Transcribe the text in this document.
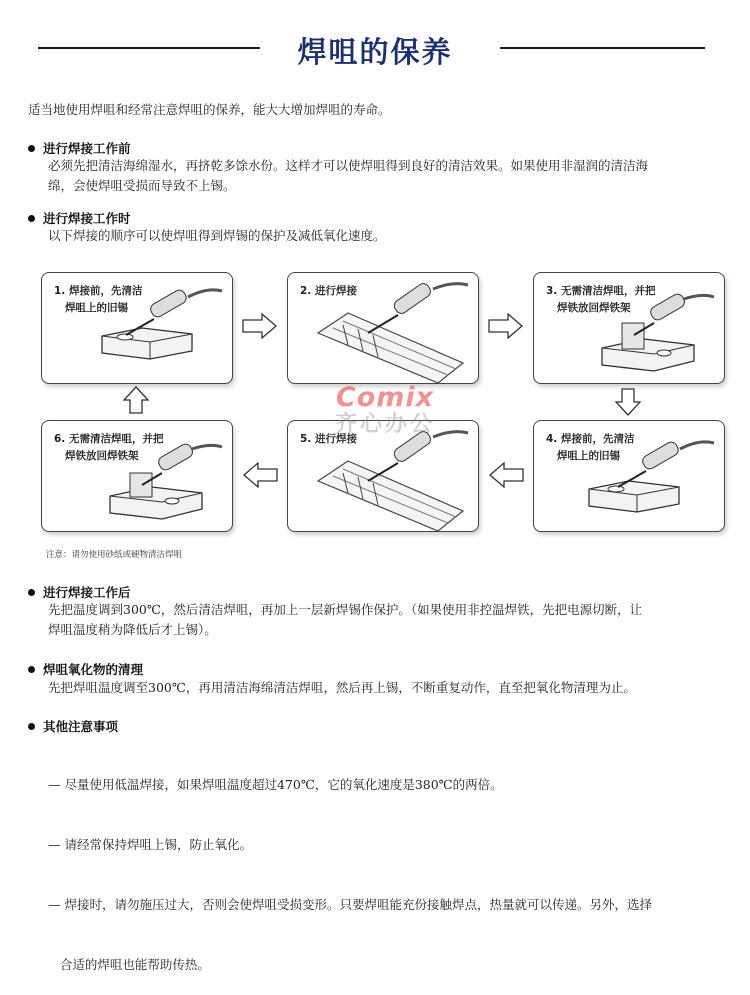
焊咀的保养
适当地使用焊咀和经常注意焊咀的保养，能大大增加焊咀的寿命。
进行焊接工作前
必须先把清洁海绵湿水，再挤乾多馀水份。这样才可以使焊咀得到良好的清洁效果。如果使用非湿润的清洁海
绵，会使焊咀受损而导致不上锡。
进行焊接工作时
以下焊接的顺序可以使焊咀得到焊锡的保护及减低氧化速度。
1. 焊接前，先清洁
焊咀上的旧锡
2. 进行焊接	3. 无需清洁焊咀，并把
焊铁放回焊铁架
6. 无需清洁焊咀，并把
焊铁放回焊铁架
5. 进行焊接	4. 焊接前，先清洁
焊咀上的旧锡
Comix
齐心办公
注意：请勿使用砂纸或硬物清洁焊咀
进行焊接工作后
先把温度调到300℃，然后清洁焊咀，再加上一层新焊锡作保护。（如果使用非控温焊铁，先把电源切断，让
焊咀温度稍为降低后才上锡）。
焊咀氧化物的清理
先把焊咀温度调至300℃，再用清洁海绵清洁焊咀，然后再上锡，不断重复动作，直至把氧化物清理为止。
其他注意事项

— 尽量使用低温焊接，如果焊咀温度超过470℃，它的氧化速度是380℃的两倍。

— 请经常保持焊咀上锡，防止氧化。

— 焊接时，请勿施压过大，否则会使焊咀受损变形。只要焊咀能充份接触焊点，热量就可以传递。另外，选择

合适的焊咀也能帮助传热。
